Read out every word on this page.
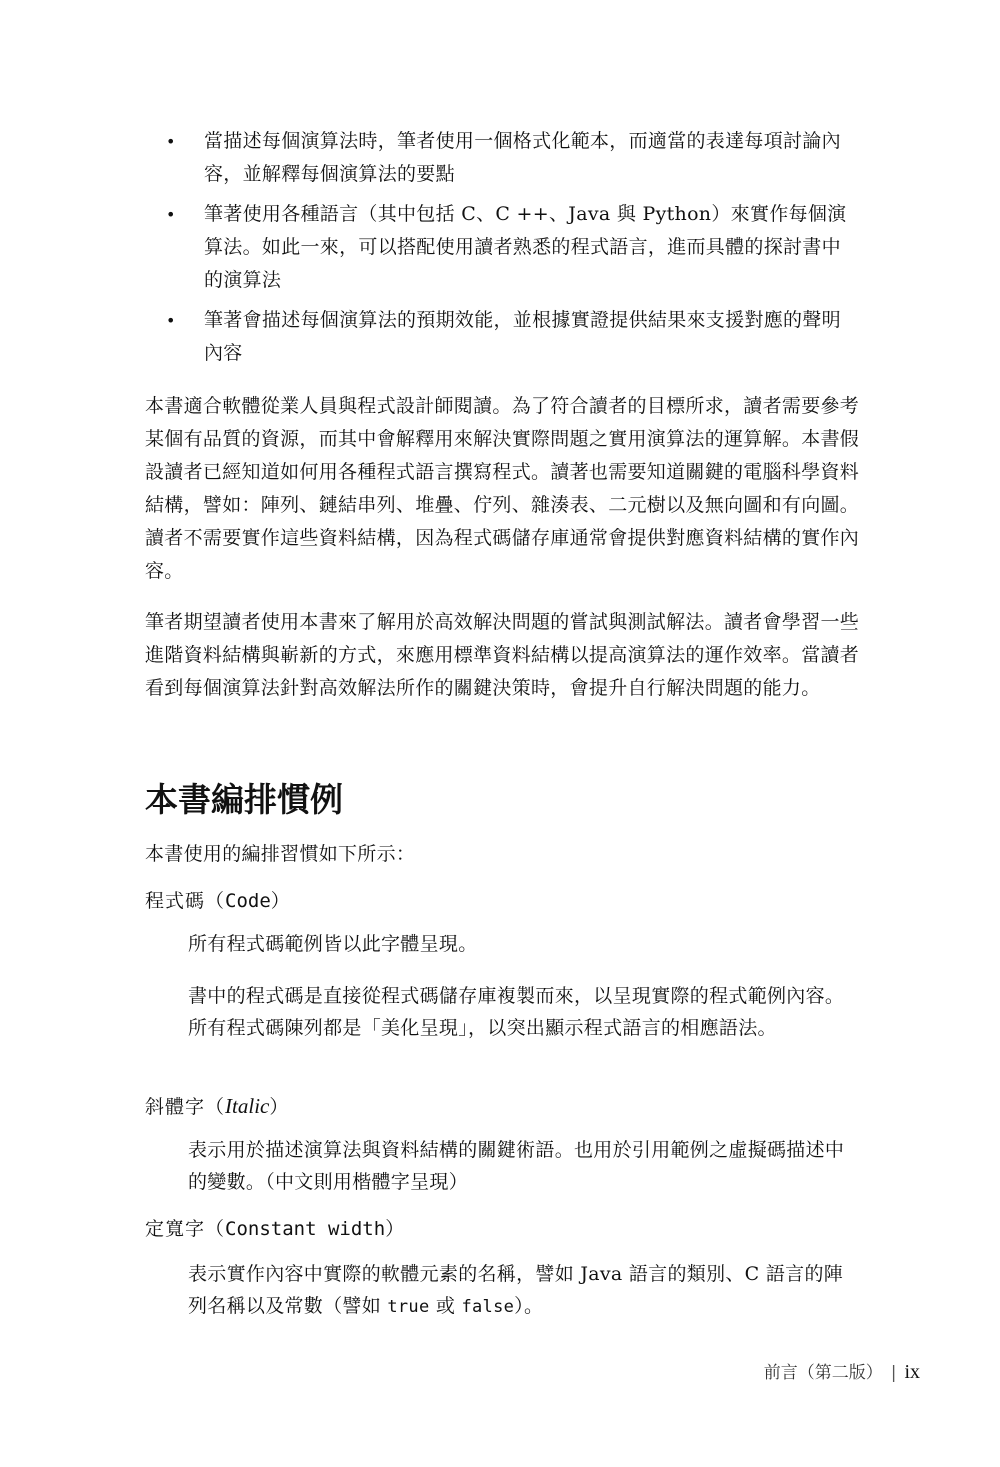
• 當描述每個演算法時，筆者使用一個格式化範本，而適當的表達每項討論內容，並解釋每個演算法的要點
• 筆著使用各種語言（其中包括 C、C ++、Java 與 Python）來實作每個演算法。如此一來，可以搭配使用讀者熟悉的程式語言，進而具體的探討書中的演算法
• 筆著會描述每個演算法的預期效能，並根據實證提供結果來支援對應的聲明內容

本書適合軟體從業人員與程式設計師閱讀。為了符合讀者的目標所求，讀者需要參考某個有品質的資源，而其中會解釋用來解決實際問題之實用演算法的運算解。本書假設讀者已經知道如何用各種程式語言撰寫程式。讀著也需要知道關鍵的電腦科學資料結構，譬如：陣列、鏈結串列、堆疊、佇列、雜湊表、二元樹以及無向圖和有向圖。讀者不需要實作這些資料結構，因為程式碼儲存庫通常會提供對應資料結構的實作內容。

筆者期望讀者使用本書來了解用於高效解決問題的嘗試與測試解法。讀者會學習一些進階資料結構與嶄新的方式，來應用標準資料結構以提高演算法的運作效率。當讀者看到每個演算法針對高效解法所作的關鍵決策時，會提升自行解決問題的能力。

本書編排慣例

本書使用的編排習慣如下所示：

程式碼（Code）

所有程式碼範例皆以此字體呈現。

書中的程式碼是直接從程式碼儲存庫複製而來，以呈現實際的程式範例內容。所有程式碼陳列都是「美化呈現」，以突出顯示程式語言的相應語法。

斜體字（Italic）

表示用於描述演算法與資料結構的關鍵術語。也用於引用範例之虛擬碼描述中的變數。（中文則用楷體字呈現）

定寬字（Constant width）

表示實作內容中實際的軟體元素的名稱，譬如 Java 語言的類別、C 語言的陣列名稱以及常數（譬如 true 或 false）。

前言（第二版） | ix
